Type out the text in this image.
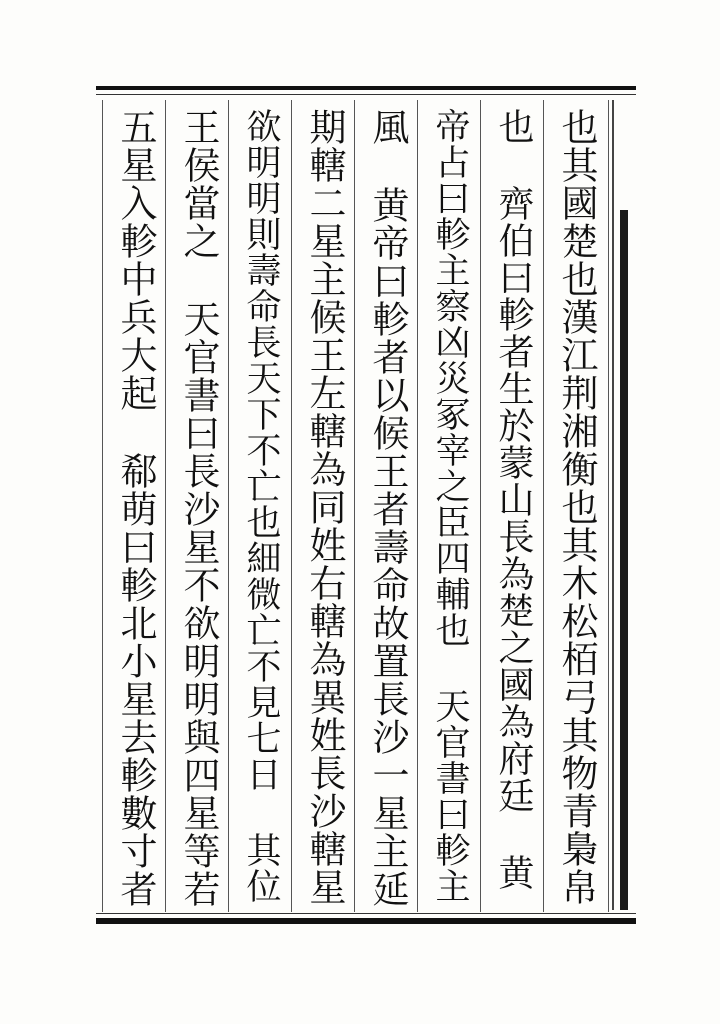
也其國楚也漢江荆湘衡也其木松栢弓其物青梟帛
也齊伯曰軫者生於蒙山長為楚之國為府廷黄
帝占曰軫主察凶災冢宰之臣四輔也天官書曰軫主
風黄帝曰軫者以候王者壽命故置長沙一星主延
期轄二星主候王左轄為同姓右轄為異姓長沙轄星
欲明明則壽命長天下不亡也細微亡不見七日其位
王侯當之天官書曰長沙星不欲明明與四星等若
五星入軫中兵大起郗萌曰軫北小星去軫數寸者
